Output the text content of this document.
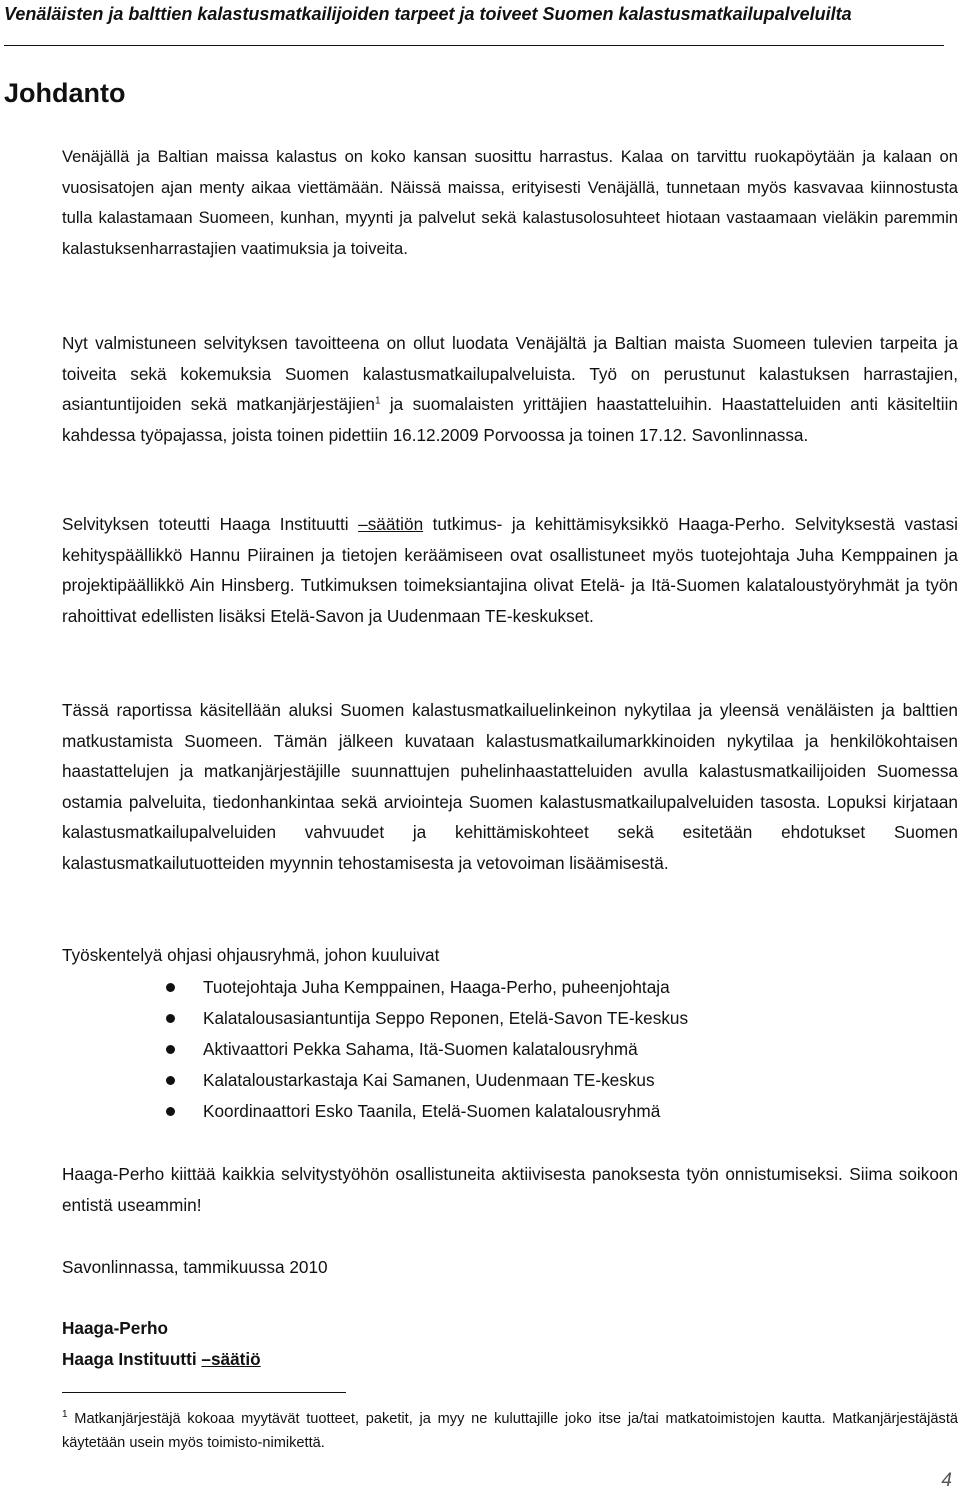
Venäläisten ja balttien kalastusmatkailijoiden tarpeet ja toiveet Suomen kalastusmatkailupalveluilta
Johdanto

Venäjällä ja Baltian maissa kalastus on koko kansan suosittu harrastus. Kalaa on tarvittu ruokapöytään ja kalaan on vuosisatojen ajan menty aikaa viettämään. Näissä maissa, erityisesti Venäjällä, tunnetaan myös kasvavaa kiinnostusta tulla kalastamaan Suomeen, kunhan, myynti ja palvelut sekä kalastusolosuhteet hiotaan vastaamaan vieläkin paremmin kalastuksenharrastajien vaatimuksia ja toiveita.

Nyt valmistuneen selvityksen tavoitteena on ollut luodata Venäjältä ja Baltian maista Suomeen tulevien tarpeita ja toiveita sekä kokemuksia Suomen kalastusmatkailupalveluista. Työ on perustunut kalastuksen harrastajien, asiantuntijoiden sekä matkanjärjestäjien$^1$ ja suomalaisten yrittäjien haastatteluihin. Haastatteluiden anti käsiteltiin kahdessa työpajassa, joista toinen pidettiin 16.12.2009 Porvoossa ja toinen 17.12. Savonlinnassa.

Selvityksen toteutti Haaga Instituutti –säätiön tutkimus- ja kehittämisyksikkö Haaga-Perho. Selvityksestä vastasi kehityspäällikkö Hannu Piirainen ja tietojen keräämiseen ovat osallistuneet myös tuotejohtaja Juha Kemppainen ja projektipäällikkö Ain Hinsberg. Tutkimuksen toimeksiantajina olivat Etelä- ja Itä-Suomen kalataloustyöryhmät ja työn rahoittivat edellisten lisäksi Etelä-Savon ja Uudenmaan TE-keskukset.

Tässä raportissa käsitellään aluksi Suomen kalastusmatkailuelinkeinon nykytilaa ja yleensä venäläisten ja balttien matkustamista Suomeen. Tämän jälkeen kuvataan kalastusmatkailumarkkinoiden nykytilaa ja henkilökohtaisen haastattelujen ja matkanjärjestäjille suunnattujen puhelinhaastatteluiden avulla kalastusmatkailijoiden Suomessa ostamia palveluita, tiedonhankintaa sekä arviointeja Suomen kalastusmatkailupalveluiden tasosta. Lopuksi kirjataan kalastusmatkailupalveluiden vahvuudet ja kehittämiskohteet sekä esitetään ehdotukset Suomen kalastusmatkailutuotteiden myynnin tehostamisesta ja vetovoiman lisäämisestä.

Työskentelyä ohjasi ohjausryhmä, johon kuuluivat

Tuotejohtaja Juha Kemppainen, Haaga-Perho, puheenjohtaja
Kalatalousasiantuntija Seppo Reponen, Etelä-Savon TE-keskus
Aktivaattori Pekka Sahama, Itä-Suomen kalatalousryhmä
Kalataloustarkastaja Kai Samanen, Uudenmaan TE-keskus
Koordinaattori Esko Taanila, Etelä-Suomen kalatalousryhmä

Haaga-Perho kiittää kaikkia selvitystyöhön osallistuneita aktiivisesta panoksesta työn onnistumiseksi. Siima soikoon entistä useammin!

Savonlinnassa, tammikuussa 2010

Haaga-Perho

Haaga Instituutti –säätiö

$^1$ Matkanjärjestäjä kokoaa myytävät tuotteet, paketit, ja myy ne kuluttajille joko itse ja/tai matkatoimistojen kautta. Matkanjärjestäjästä käytetään usein myös toimisto-nimikettä.

4
